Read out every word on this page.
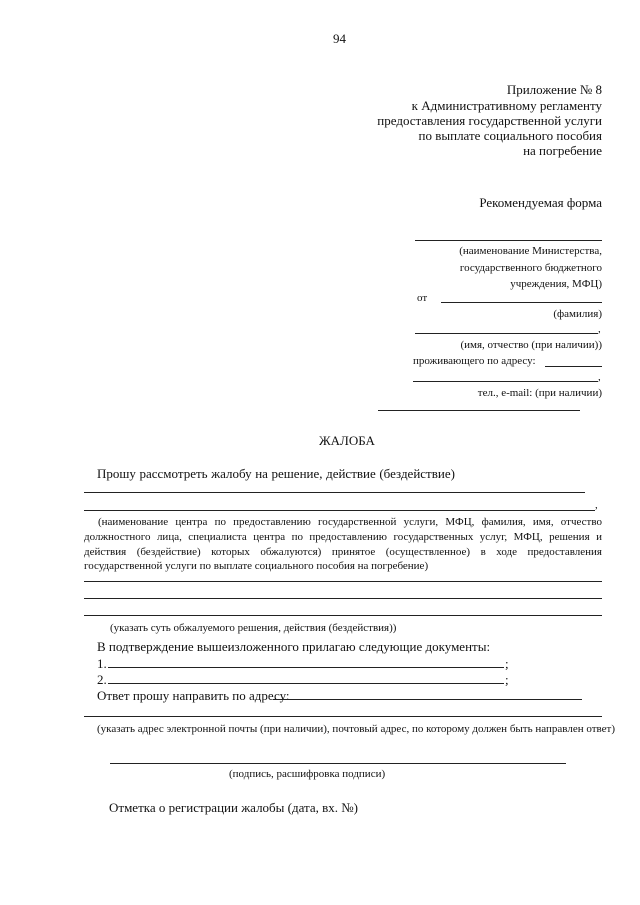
94
Приложение № 8
к Административному регламенту
предоставления государственной услуги
по выплате социального пособия
на погребение
Рекомендуемая форма
(наименование Министерства,
государственного бюджетного
учреждения, МФЦ)
от
(фамилия)
,
(имя, отчество (при наличии))
проживающего по адресу:
,
тел., e-mail: (при наличии)
ЖАЛОБА
Прошу рассмотреть жалобу на решение, действие (бездействие)
,
(наименование центра по предоставлению государственной услуги, МФЦ, фамилия, имя, отчество
должностного лица, специалиста центра по предоставлению государственных услуг, МФЦ, решения и
действия (бездействие) которых обжалуются) принятое (осуществленное) в ходе предоставления
государственной услуги по выплате социального пособия на погребение)
(указать суть обжалуемого решения, действия (бездействия))
В подтверждение вышеизложенного прилагаю следующие документы:
1.	;
2.	;
Ответ прошу направить по адресу:
(указать адрес электронной почты (при наличии), почтовый адрес, по которому должен быть направлен ответ)
(подпись, расшифровка подписи)
Отметка о регистрации жалобы (дата, вх. №)
